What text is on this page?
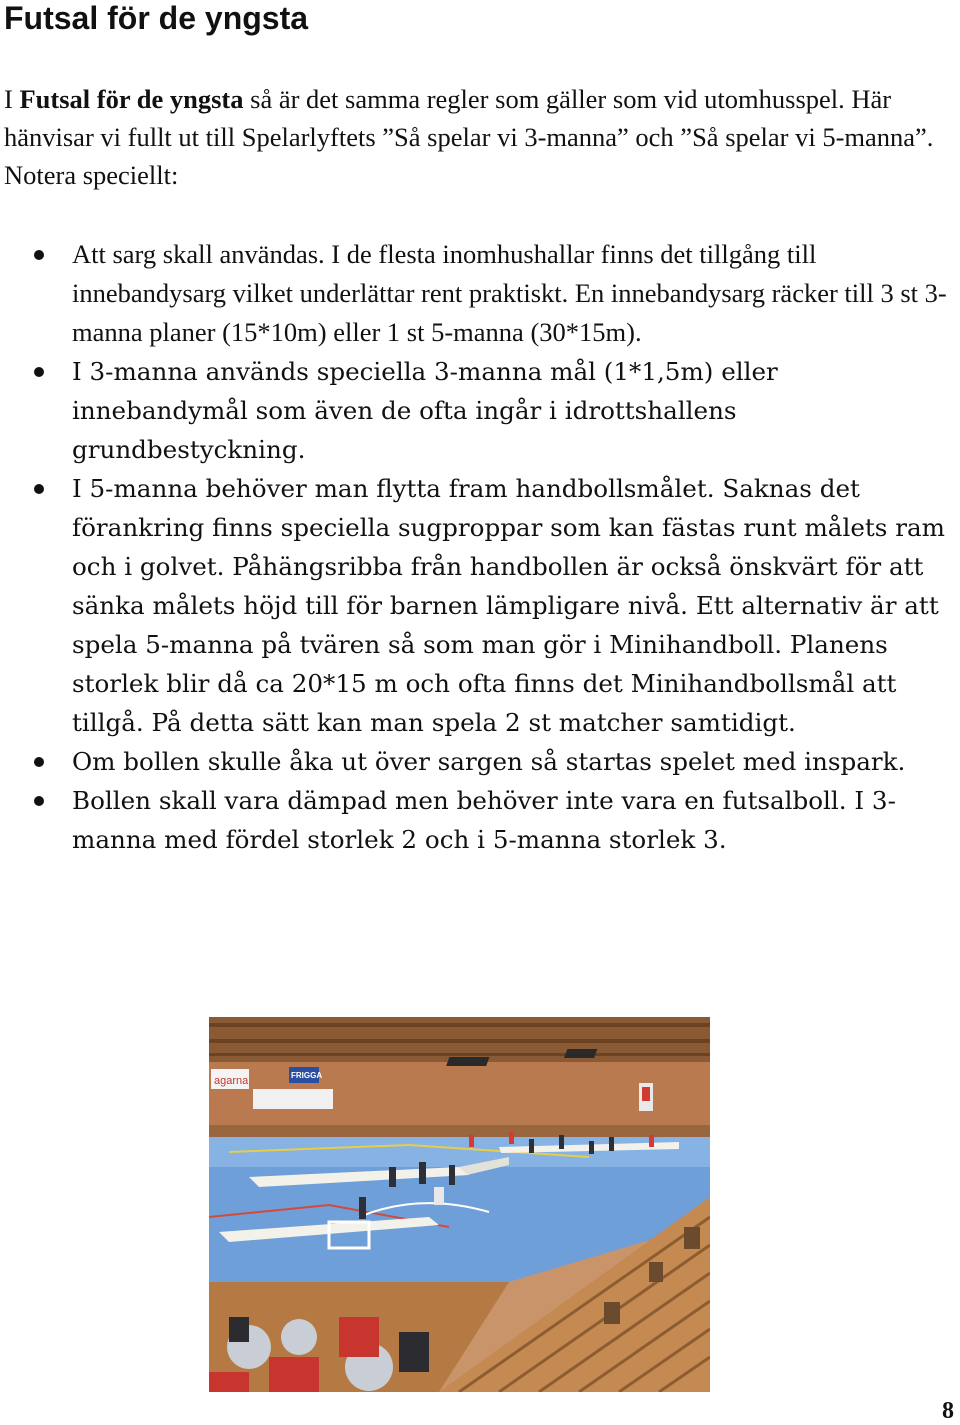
Futsal för de yngsta

I Futsal för de yngsta så är det samma regler som gäller som vid utomhusspel. Här hänvisar vi fullt ut till Spelarlyftets ”Så spelar vi 3-manna” och ”Så spelar vi 5-manna”. Notera speciellt:

Att sarg skall användas. I de flesta inomhushallar finns det tillgång till innebandysarg vilket underlättar rent praktiskt. En innebandysarg räcker till 3 st 3-manna planer (15*10m) eller 1 st 5-manna (30*15m).
I 3-manna används speciella 3-manna mål (1*1,5m) eller innebandymål som även de ofta ingår i idrottshallens grundbestyckning.
I 5-manna behöver man flytta fram handbollsmålet. Saknas det förankring finns speciella sugproppar som kan fästas runt målets ram och i golvet. Påhängsribba från handbollen är också önskvärt för att sänka målets höjd till för barnen lämpligare nivå. Ett alternativ är att spela 5-manna på tvären så som man gör i Minihandboll. Planens storlek blir då ca 20*15 m och ofta finns det Minihandbollsmål att tillgå. På detta sätt kan man spela 2 st matcher samtidigt.
Om bollen skulle åka ut över sargen så startas spelet med inspark.
Bollen skall vara dämpad men behöver inte vara en futsalboll. I 3-manna med fördel storlek 2 och i 5-manna storlek 3.
agarna	FRIGGA
8
